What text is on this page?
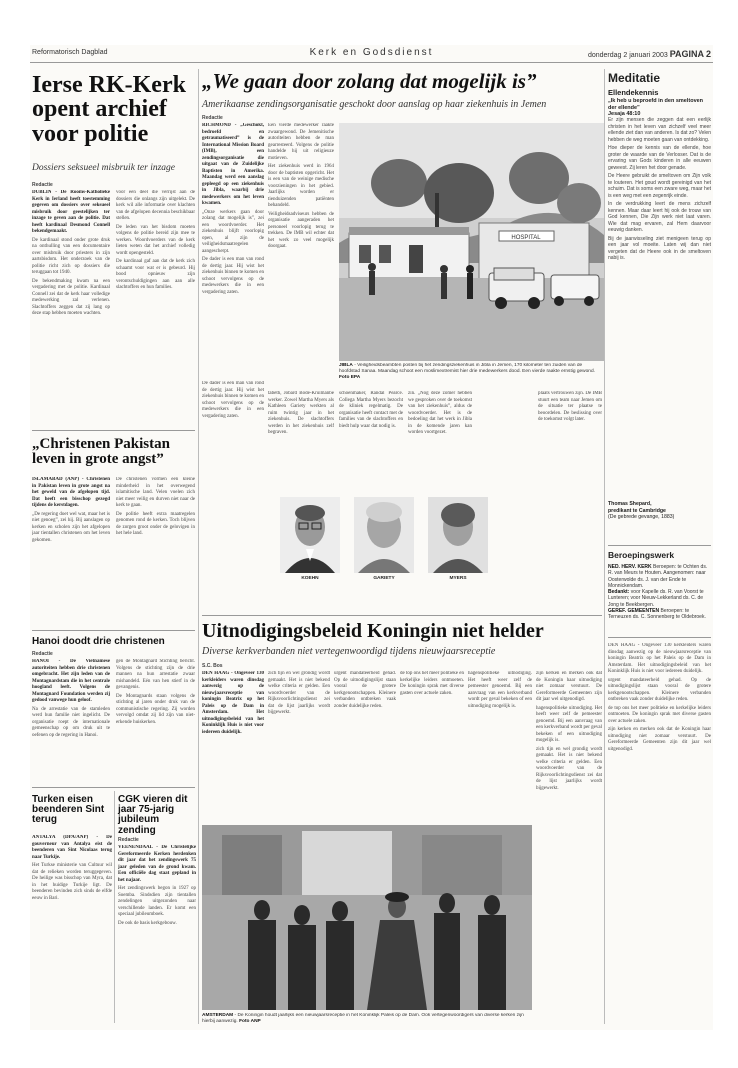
Reformatorisch Dagblad	Kerk en Godsdienst	donderdag 2 januari 2003 PAGINA 2
Ierse RK-Kerk opent archief voor politie
Dossiers seksueel misbruik ter inzage
Redactie

DUBLIN - De Rooms-Katholieke Kerk in Ierland heeft toestemming gegeven om dossiers over seksueel misbruik door geestelijken ter inzage te geven aan de politie. Dat heeft kardinaal Desmond Connell bekendgemaakt.

De kardinaal stond onder grote druk na onthulling van een documentaire over misbruik door priesters in zijn aartsbisdom. Het onderzoek van de politie richt zich op dossiers die teruggaan tot 1940.

De bekendmaking kwam na een vergadering met de politie. Kardinaal Connell zei dat de kerk haar volledige medewerking zal verlenen. Slachtoffers zeggen dat zij lang op deze stap hebben moeten wachten.

voor een deel die verrijst aan de dossiers die onlangs zijn uitgelekt. De kerk wil alle informatie over klachten van de afgelopen decennia beschikbaar stellen.

De leden van het bisdom moeten volgens de politie bereid zijn mee te werken. Woordvoerders van de kerk lieten weten dat het archief volledig wordt opengesteld.

De kardinaal gaf aan dat de kerk zich schaamt voor wat er is gebeurd. Hij bood opnieuw zijn verontschuldigingen aan aan alle slachtoffers en hun families.

„Christenen Pakistan leven in grote angst”

ISLAMABAD (ANP) - Christenen in Pakistan leven in grote angst na het geweld van de afgelopen tijd. Dat heeft een bisschop gezegd tijdens de kerstdagen.

„De regering doet wel wat, maar het is niet genoeg”, zei hij. Bij aanslagen op kerken en scholen zijn het afgelopen jaar tientallen christenen om het leven gekomen.

De christenen vormen een kleine minderheid in het overwegend islamitische land. Velen voelen zich niet meer veilig en durven niet naar de kerk te gaan.

De politie heeft extra maatregelen genomen rond de kerken. Toch blijven de zorgen groot onder de gelovigen in het hele land.

Hanoi doodt drie christenen
Redactie

HANOI - De Vietnamese autoriteiten hebben drie christenen omgebracht. Het zijn leden van de Montagnardstam die in het centrale hoogland leeft. Volgens de Montagnard Foundation werden zij gedood vanwege hun geloof.

Na de arrestatie van de stamleden werd hun familie niet ingelicht. De organisatie roept de internationale gemeenschap op om druk uit te oefenen op de regering in Hanoi.

gen de Montagnard Stichting bericht. Volgens de stichting zijn de drie mannen na hun arrestatie zwaar mishandeld. Eén van hen stierf in de gevangenis.

De Montagnards staan volgens de stichting al jaren onder druk van de communistische regering. Zij worden vervolgd omdat zij lid zijn van niet-erkende huiskerken.

Turken eisen beenderen Sint terug

ANTALYA (DPA/ANP) - De gouverneur van Antalya eist de beenderen van Sint Nicolaas terug naar Turkije.

Het Turkse ministerie van Cultuur wil dat de relieken worden teruggegeven. De heilige was bisschop van Myra, dat in het huidige Turkije ligt. De beenderen bevinden zich sinds de elfde eeuw in Bari.

CGK vieren dit jaar 75-jarig jubileum zending
Redactie

VEENENDAAL - De Christelijke Gereformeerde Kerken herdenken dit jaar dat het zendingswerk 75 jaar geleden van de grond kwam. Een officiële dag staat gepland in het najaar.

Het zendingswerk begon in 1927 op Soemba. Sindsdien zijn tientallen zendelingen uitgezonden naar verschillende landen. Er komt een speciaal jubileumboek.

De ook de basis kerkgebouw.

„We gaan door zolang dat mogelijk is”
Amerikaanse zendingsorganisatie geschokt door aanslag op haar ziekenhuis in Jemen
Redactie

RICHMOND - „Geschokt, bedroefd en getraumatiseerd” is de International Mission Board (IMB), een zendingsorganisatie die uitgaat van de Zuidelijke Baptisten in Amerika. Maandag werd een aanslag gepleegd op een ziekenhuis in Jibla, waarbij drie medewerkers om het leven kwamen.

„Onze werkers gaan door zolang dat mogelijk is”, zei een woordvoerder. Het ziekenhuis blijft voorlopig open, al zijn de veiligheidsmaatregelen aangescherpt.

De dader is een man van rond de dertig jaar. Hij wist het ziekenhuis binnen te komen en schoot vervolgens op de medewerkers die in een vergadering zaten.

Een vierde medewerker raakte zwaargewond. De Jemenitische autoriteiten hebben de man gearresteerd. Volgens de politie handelde hij uit religieuze motieven.

Het ziekenhuis werd in 1964 door de baptisten opgericht. Het is een van de weinige medische voorzieningen in het gebied. Jaarlijks worden er tienduizenden patiënten behandeld.

Veiligheidsadviseurs hebben de organisatie aangeraden het personeel voorlopig terug te trekken. De IMB wil echter dat het werk zo veel mogelijk doorgaat.

HOSPITAL
JIBLA - Veiligheidsbeambten posten bij het zendingsziekenhuis in Jibla in Jemen, 170 kilometer ten zuiden van de hoofdstad Sanaa. Maandag schoot een moslimextremist hier drie medewerkers dood. Een vierde raakte ernstig gewond. Foto EPA

tabeth, Jobard Bode-Kruimanbe werker. Zowel Martha Myers als Kathleen Gariety werkten al ruim twintig jaar in het ziekenhuis. De slachtoffers werden in het ziekenhuis zelf begraven.

schoenmaker, Randal Pearce. Collega Martha Myers bezocht de kliniek regelmatig. De organisatie heeft contact met de families van de slachtoffers en biedt hulp waar dat nodig is.

zin. „Nog deze zomer hebben we gesproken over de toekomst van het ziekenhuis”, aldus de woordvoerder. Het is de bedoeling dat het werk in Jibla in de komende jaren kan worden voortgezet.

plaats vertrouwen zijn. De IMB stuurt een team naar Jemen om de situatie ter plaatse te beoordelen. De beslissing over de toekomst volgt later.

De dader is een man van rond de dertig jaar. Hij wist het ziekenhuis binnen te komen en schoot vervolgens op de medewerkers die in een vergadering zaten.

KOEHN	GARIETY	MYERS
Uitnodigingsbeleid Koningin niet helder
Diverse kerkverbanden niet vertegenwoordigd tijdens nieuwjaarsreceptie
S.C. Bos

DEN HAAG - Ongeveer 130 kerkleiders waren dinsdag aanwezig op de nieuwjaarsreceptie van koningin Beatrix op het Paleis op de Dam in Amsterdam. Het uitnodigingsbeleid van het Koninklijk Huis is niet voor iedereen duidelijk.

zich tijn en wel grondig wordt gemaakt. Het is niet bekend welke criteria er gelden. Een woordvoerder van de Rijksvoorlichtingsdienst zei dat de lijst jaarlijks wordt bijgewerkt.

urgent mandateerheid gehad. Op de uitnodigingslijst staan vooral de grotere kerkgenootschappen. Kleinere verbanden ontbreken vaak zonder duidelijke reden.

de top ons het meer politieke en kerkelijke leiders ontmoeten. De koningin sprak met diverse gasten over actuele zaken.

hagenspolitieke uitnodiging. Het heeft weer zelf de pemeester genoemd. Bij een aanvraag van een kerkverband wordt per geval bekeken of een uitnodiging mogelijk is.

zijn kerken en merken ook dat de Koningin haar uitnodiging niet zomaar verstuurt. De Gereformeerde Gemeenten zijn dit jaar wel uitgenodigd.

hagenspolitieke uitnodiging. Het heeft weer zelf de pemeester genoemd. Bij een aanvraag van een kerkverband wordt per geval bekeken of een uitnodiging mogelijk is.

zich tijn en wel grondig wordt gemaakt. Het is niet bekend welke criteria er gelden. Een woordvoerder van de Rijksvoorlichtingsdienst zei dat de lijst jaarlijks wordt bijgewerkt.

AMSTERDAM - De Koningin houdt jaarlijks een nieuwjaarsreceptie in het Koninklijk Paleis op de Dam. Ook vertegenwoordigers van diverse kerken zijn hierbij aanwezig. Foto ANP
Meditatie
Ellendekennis
„Ik heb u beproefd in den smeltoven der ellende”
Jesaja 48:10

Er zijn mensen die zeggen dat een eerlijk christen in het leven van zichzelf veel meer ellende ziet dan van anderen. Is dat zo? Velen hebben de weg moeten gaan van ontdekking.

Hoe dieper de kennis van de ellende, hoe groter de waarde van de Verlosser. Dat is de ervaring van Gods kinderen in alle eeuwen geweest. Zij leren het door genade.

De Heere gebruikt de smeltoven om Zijn volk te louteren. Het goud wordt gereinigd van het schuim. Dat is soms een zware weg, maar het is een weg met een zegenrijk einde.

In de verdrukking leert de mens zichzelf kennen. Maar daar leert hij ook de trouw van God kennen, Die Zijn werk niet laat varen. Wie dat mag ervaren, zal Hem daarvoor eeuwig danken.

Bij de jaarwisseling ziet menigeen terug op een jaar vol moeite. Laten wij dan niet vergeten dat de Heere ook in de smeltoven nabij is.

Thomas Shepard,
predikant te Cambridge
(De gebrede gevange, 1883)
Beroepingswerk
NED. HERV. KERK Beroepen: te Ochten ds. R. van Meurs te Houten. Aangenomen: naar Oosterwolde ds. J. van der Ende te Monnickendam.
Bedankt: voor Kapelle ds. R. van Voorst te Lunteren; voor Nieuw-Lekkerland ds. C. de Jong te Beekbergen.
GEREF. GEMEENTEN Beroepen: te Terneuzen ds. C. Sonnenberg te Oldebroek.

DEN HAAG - Ongeveer 130 kerkleiders waren dinsdag aanwezig op de nieuwjaarsreceptie van koningin Beatrix op het Paleis op de Dam in Amsterdam. Het uitnodigingsbeleid van het Koninklijk Huis is niet voor iedereen duidelijk.

urgent mandateerheid gehad. Op de uitnodigingslijst staan vooral de grotere kerkgenootschappen. Kleinere verbanden ontbreken vaak zonder duidelijke reden.

de top ons het meer politieke en kerkelijke leiders ontmoeten. De koningin sprak met diverse gasten over actuele zaken.

zijn kerken en merken ook dat de Koningin haar uitnodiging niet zomaar verstuurt. De Gereformeerde Gemeenten zijn dit jaar wel uitgenodigd.
